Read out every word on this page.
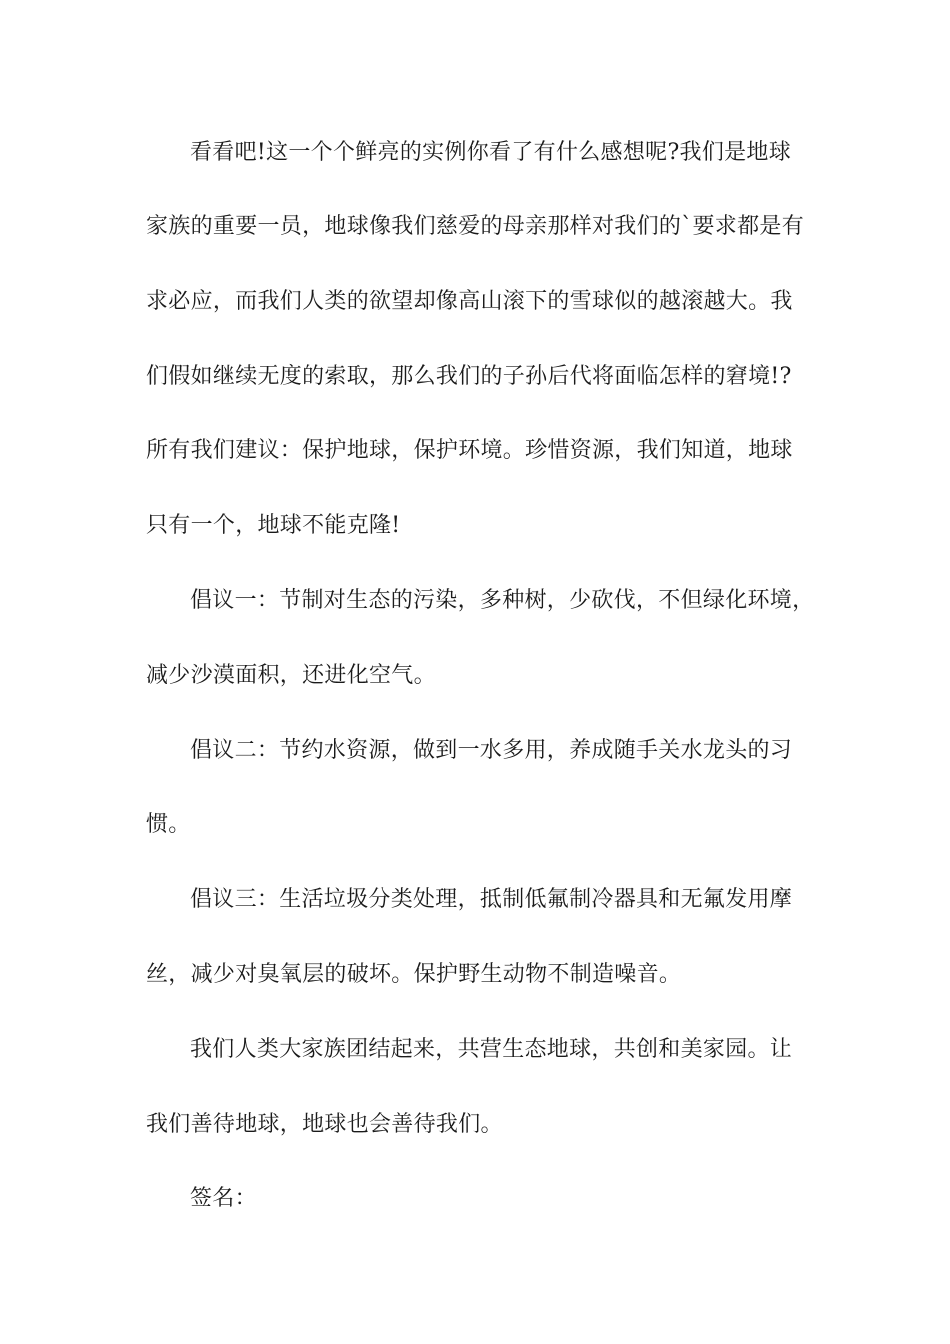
看看吧!这一个个鲜亮的实例你看了有什么感想呢?我们是地球
家族的重要一员，地球像我们慈爱的母亲那样对我们的`要求都是有
求必应，而我们人类的欲望却像高山滚下的雪球似的越滚越大。我
们假如继续无度的索取，那么我们的子孙后代将面临怎样的窘境!?
所有我们建议：保护地球，保护环境。珍惜资源，我们知道，地球
只有一个，地球不能克隆!
倡议一：节制对生态的污染，多种树，少砍伐，不但绿化环境，
减少沙漠面积，还进化空气。
倡议二：节约水资源，做到一水多用，养成随手关水龙头的习
惯。
倡议三：生活垃圾分类处理，抵制低氟制冷器具和无氟发用摩
丝，减少对臭氧层的破坏。保护野生动物不制造噪音。
我们人类大家族团结起来，共营生态地球，共创和美家园。让
我们善待地球，地球也会善待我们。
签名：
